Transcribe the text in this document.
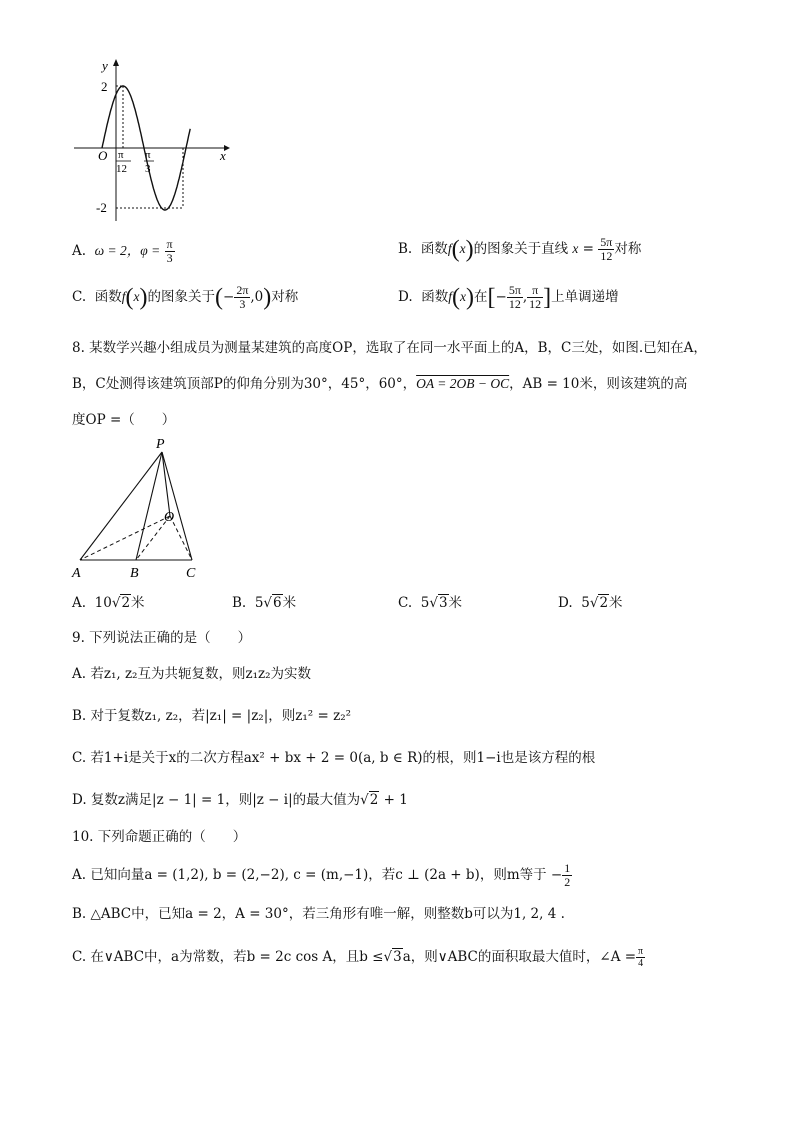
y
x
O
2
-2
π
12
π
3
A. ω = 2，$\varphi = \frac{\pi}{3}$	B. 函数f(x)的图象关于直线 $x = \frac{5\pi}{12}$ 对称
C. 函数f(x)的图象关于(− $\frac{2\pi}{3} ,0$)对称	D. 函数f(x)在[− $\frac{5\pi}{12}$ , $\frac{\pi}{12}$ ]上单调递增
8. 某数学兴趣小组成员为测量某建筑的高度OP，选取了在同一水平面上的A，B，C三处，如图.已知在A，
B，C处测得该建筑顶部P的仰角分别为30°，45°，60°，OA = 2OB − OC，AB = 10米，则该建筑的高
度OP =（　　）
P
O
A	B	C
A. 10√2米	B. 5√6米	C. 5√3米	D. 5√2米
9. 下列说法正确的是（　　）
A. 若z₁, z₂互为共轭复数，则z₁z₂为实数
B. 对于复数z₁, z₂，若|z₁| = |z₂|，则z₁² = z₂²
C. 若1+i是关于x的二次方程ax² + bx + 2 = 0(a, b ∈ R)的根，则1−i也是该方程的根
D. 复数z满足|z − 1| = 1，则|z − i|的最大值为√2 + 1
10. 下列命题正确的（　　）
A. 已知向量a = (1,2), b = (2,−2), c = (m,−1)，若c ⊥ (2a + b)，则m等于 − $\frac{1}{2}$
B. △ABC中，已知a = 2，A = 30°，若三角形有唯一解，则整数b可以为1, 2, 4 .
C. 在∨ABC中，a为常数，若b = 2c cos A，且b ≤√3a，则∨ABC的面积取最大值时，∠A = $\frac{\pi}{4}$
